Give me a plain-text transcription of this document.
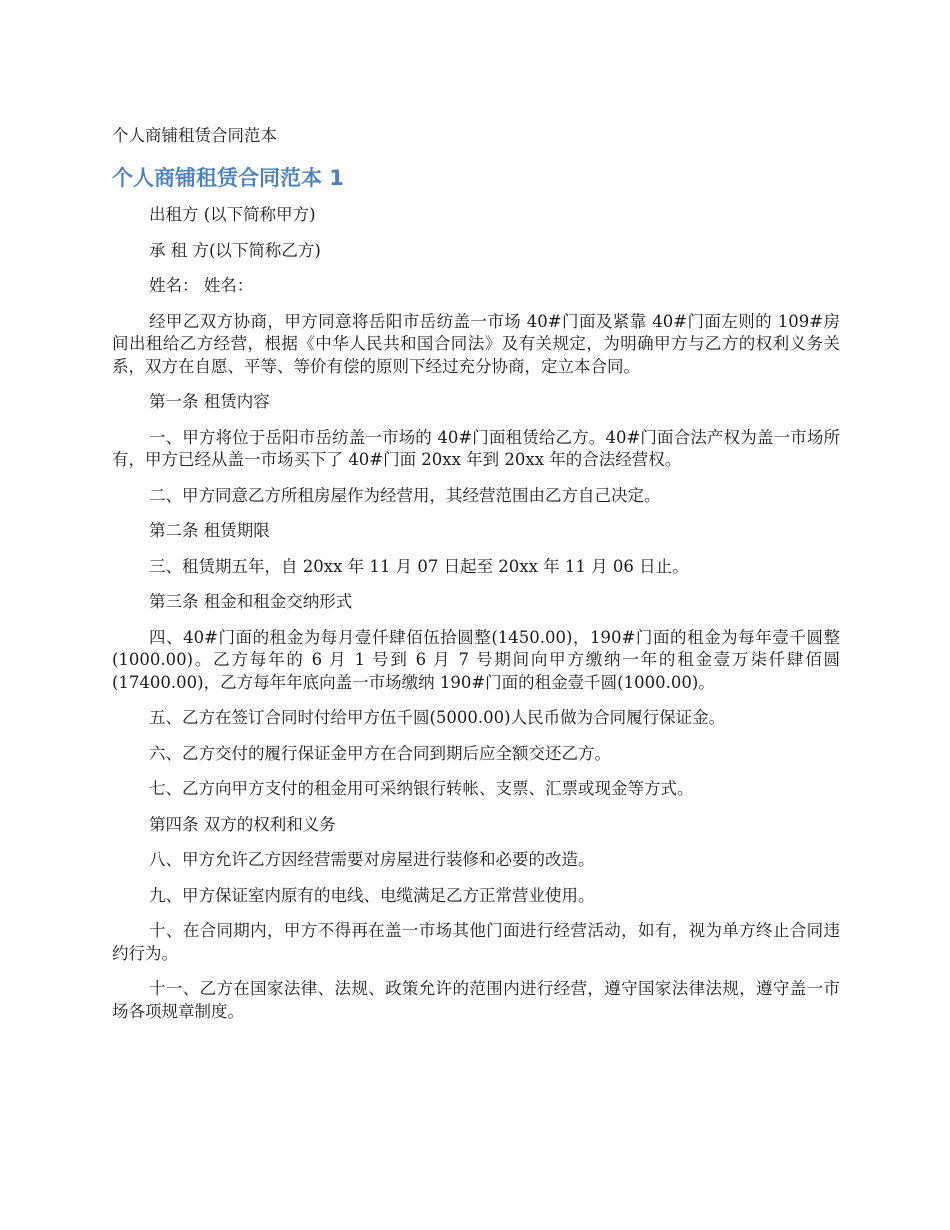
个人商铺租赁合同范本
个人商铺租赁合同范本 1

出租方 (以下简称甲方)

承 租 方(以下简称乙方)

姓名： 姓名：

经甲乙双方协商，甲方同意将岳阳市岳纺盖一市场 40#门面及紧靠 40#门面左则的 109#房间出租给乙方经营，根据《中华人民共和国合同法》及有关规定，为明确甲方与乙方的权利义务关系，双方在自愿、平等、等价有偿的原则下经过充分协商，定立本合同。

第一条 租赁内容

一、甲方将位于岳阳市岳纺盖一市场的 40#门面租赁给乙方。40#门面合法产权为盖一市场所有，甲方已经从盖一市场买下了 40#门面 20xx 年到 20xx 年的合法经营权。

二、甲方同意乙方所租房屋作为经营用，其经营范围由乙方自己决定。

第二条 租赁期限

三、租赁期五年，自 20xx 年 11 月 07 日起至 20xx 年 11 月 06 日止。

第三条 租金和租金交纳形式

四、40#门面的租金为每月壹仟肆佰伍拾圆整(1450.00)，190#门面的租金为每年壹千圆整(1000.00)。乙方每年的 6 月 1 号到 6 月 7 号期间向甲方缴纳一年的租金壹万柒仟肆佰圆(17400.00)，乙方每年年底向盖一市场缴纳 190#门面的租金壹千圆(1000.00)。

五、乙方在签订合同时付给甲方伍千圆(5000.00)人民币做为合同履行保证金。

六、乙方交付的履行保证金甲方在合同到期后应全额交还乙方。

七、乙方向甲方支付的租金用可采纳银行转帐、支票、汇票或现金等方式。

第四条 双方的权利和义务

八、甲方允许乙方因经营需要对房屋进行装修和必要的改造。

九、甲方保证室内原有的电线、电缆满足乙方正常营业使用。

十、在合同期内，甲方不得再在盖一市场其他门面进行经营活动，如有，视为单方终止合同违约行为。

十一、乙方在国家法律、法规、政策允许的范围内进行经营，遵守国家法律法规，遵守盖一市场各项规章制度。
